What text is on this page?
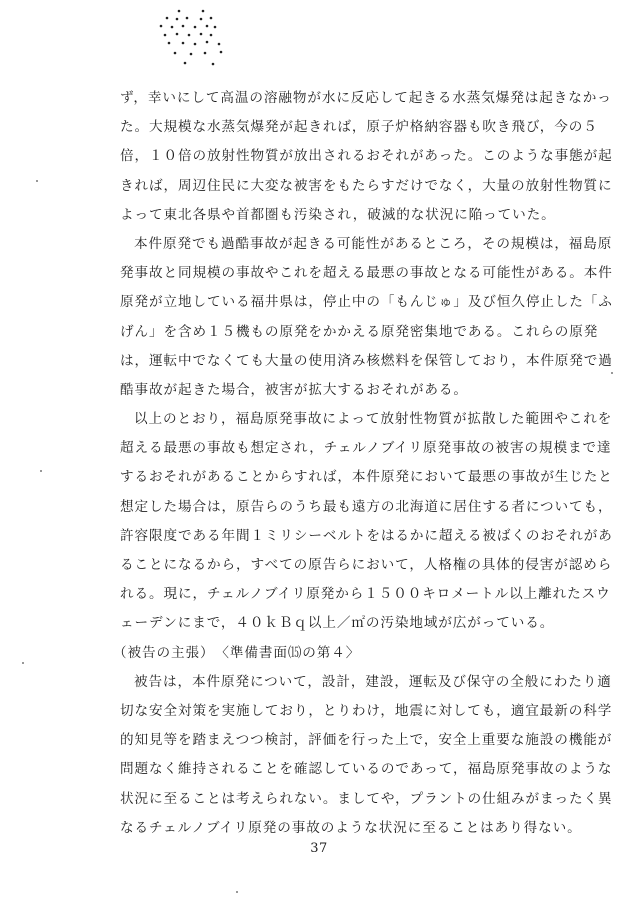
ず，幸いにして高温の溶融物が水に反応して起きる水蒸気爆発は起きなかっ
た。大規模な水蒸気爆発が起きれば，原子炉格納容器も吹き飛び，今の５
倍，１０倍の放射性物質が放出されるおそれがあった。このような事態が起
きれば，周辺住民に大変な被害をもたらすだけでなく，大量の放射性物質に
よって東北各県や首都圏も汚染され，破滅的な状況に陥っていた。
本件原発でも過酷事故が起きる可能性があるところ，その規模は，福島原
発事故と同規模の事故やこれを超える最悪の事故となる可能性がある。本件
原発が立地している福井県は，停止中の「もんじゅ」及び恒久停止した「ふ
げん」を含め１５機もの原発をかかえる原発密集地である。これらの原発
は，運転中でなくても大量の使用済み核燃料を保管しており，本件原発で過
酷事故が起きた場合，被害が拡大するおそれがある。
以上のとおり，福島原発事故によって放射性物質が拡散した範囲やこれを
超える最悪の事故も想定され，チェルノブイリ原発事故の被害の規模まで達
するおそれがあることからすれば，本件原発において最悪の事故が生じたと
想定した場合は，原告らのうち最も遠方の北海道に居住する者についても，
許容限度である年間１ミリシーベルトをはるかに超える被ばくのおそれがあ
ることになるから，すべての原告らにおいて，人格権の具体的侵害が認めら
れる。現に，チェルノブイリ原発から１５００キロメートル以上離れたスウ
ェーデンにまで，４０ｋＢｑ以上／㎡の汚染地域が広がっている。
（被告の主張）　〈準備書面⒂の第４〉
被告は，本件原発について，設計，建設，運転及び保守の全般にわたり適
切な安全対策を実施しており，とりわけ，地震に対しても，適宜最新の科学
的知見等を踏まえつつ検討，評価を行った上で，安全上重要な施設の機能が
問題なく維持されることを確認しているのであって，福島原発事故のような
状況に至ることは考えられない。ましてや，プラントの仕組みがまったく異
なるチェルノブイリ原発の事故のような状況に至ることはあり得ない。
37
